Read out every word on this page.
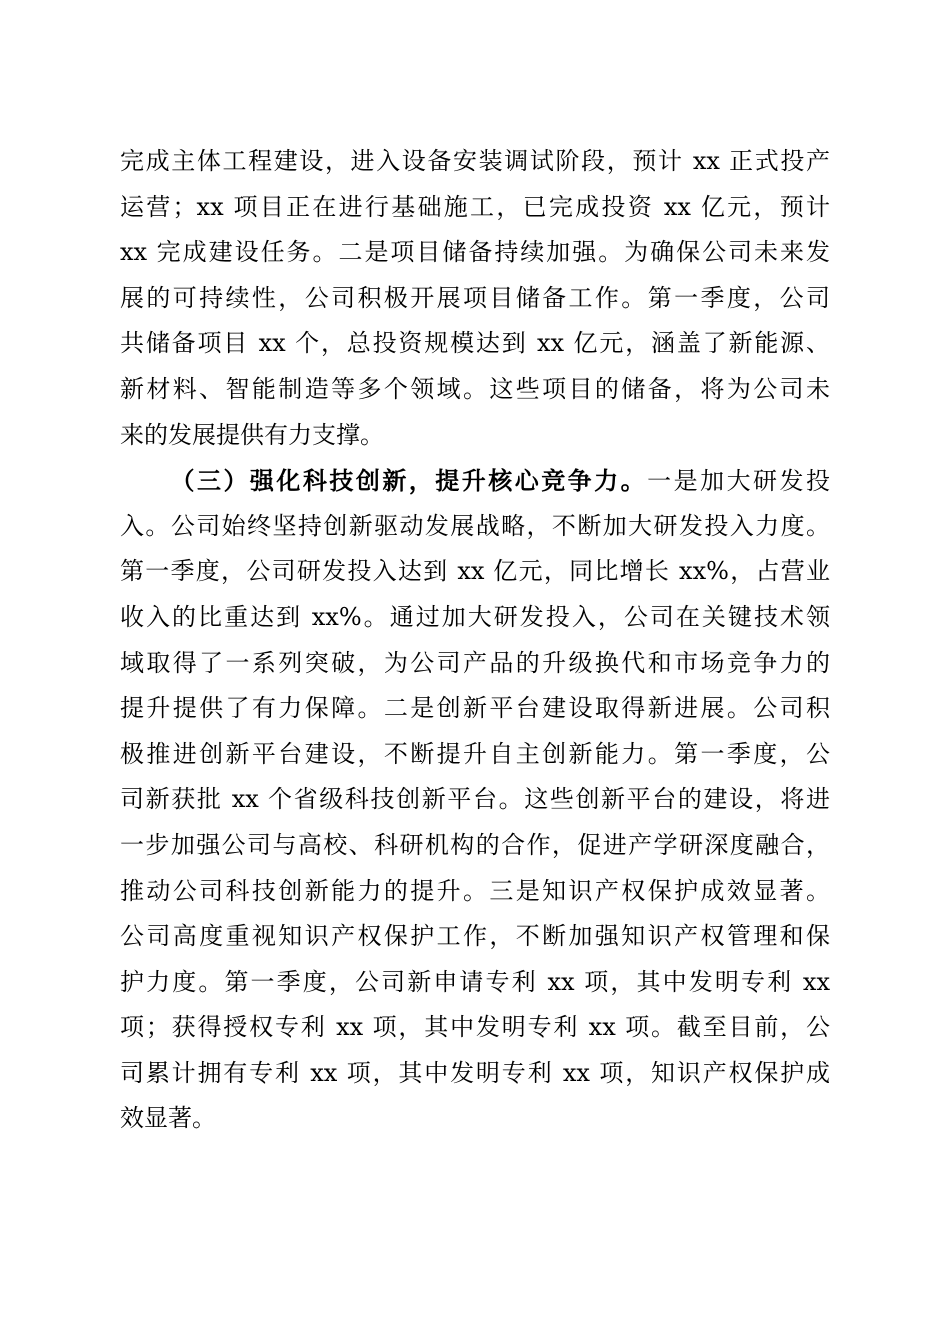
完成主体工程建设，进入设备安装调试阶段，预计 xx 正式投产
运营；xx 项目正在进行基础施工，已完成投资 xx 亿元，预计
xx 完成建设任务。二是项目储备持续加强。为确保公司未来发
展的可持续性，公司积极开展项目储备工作。第一季度，公司
共储备项目 xx 个，总投资规模达到 xx 亿元，涵盖了新能源、
新材料、智能制造等多个领域。这些项目的储备，将为公司未
来的发展提供有力支撑。
（三）强化科技创新，提升核心竞争力。一是加大研发投
入。公司始终坚持创新驱动发展战略，不断加大研发投入力度。
第一季度，公司研发投入达到 xx 亿元，同比增长 xx%，占营业
收入的比重达到 xx%。通过加大研发投入，公司在关键技术领
域取得了一系列突破，为公司产品的升级换代和市场竞争力的
提升提供了有力保障。二是创新平台建设取得新进展。公司积
极推进创新平台建设，不断提升自主创新能力。第一季度，公
司新获批 xx 个省级科技创新平台。这些创新平台的建设，将进
一步加强公司与高校、科研机构的合作，促进产学研深度融合，
推动公司科技创新能力的提升。三是知识产权保护成效显著。
公司高度重视知识产权保护工作，不断加强知识产权管理和保
护力度。第一季度，公司新申请专利 xx 项，其中发明专利 xx
项；获得授权专利 xx 项，其中发明专利 xx 项。截至目前，公
司累计拥有专利 xx 项，其中发明专利 xx 项，知识产权保护成
效显著。
